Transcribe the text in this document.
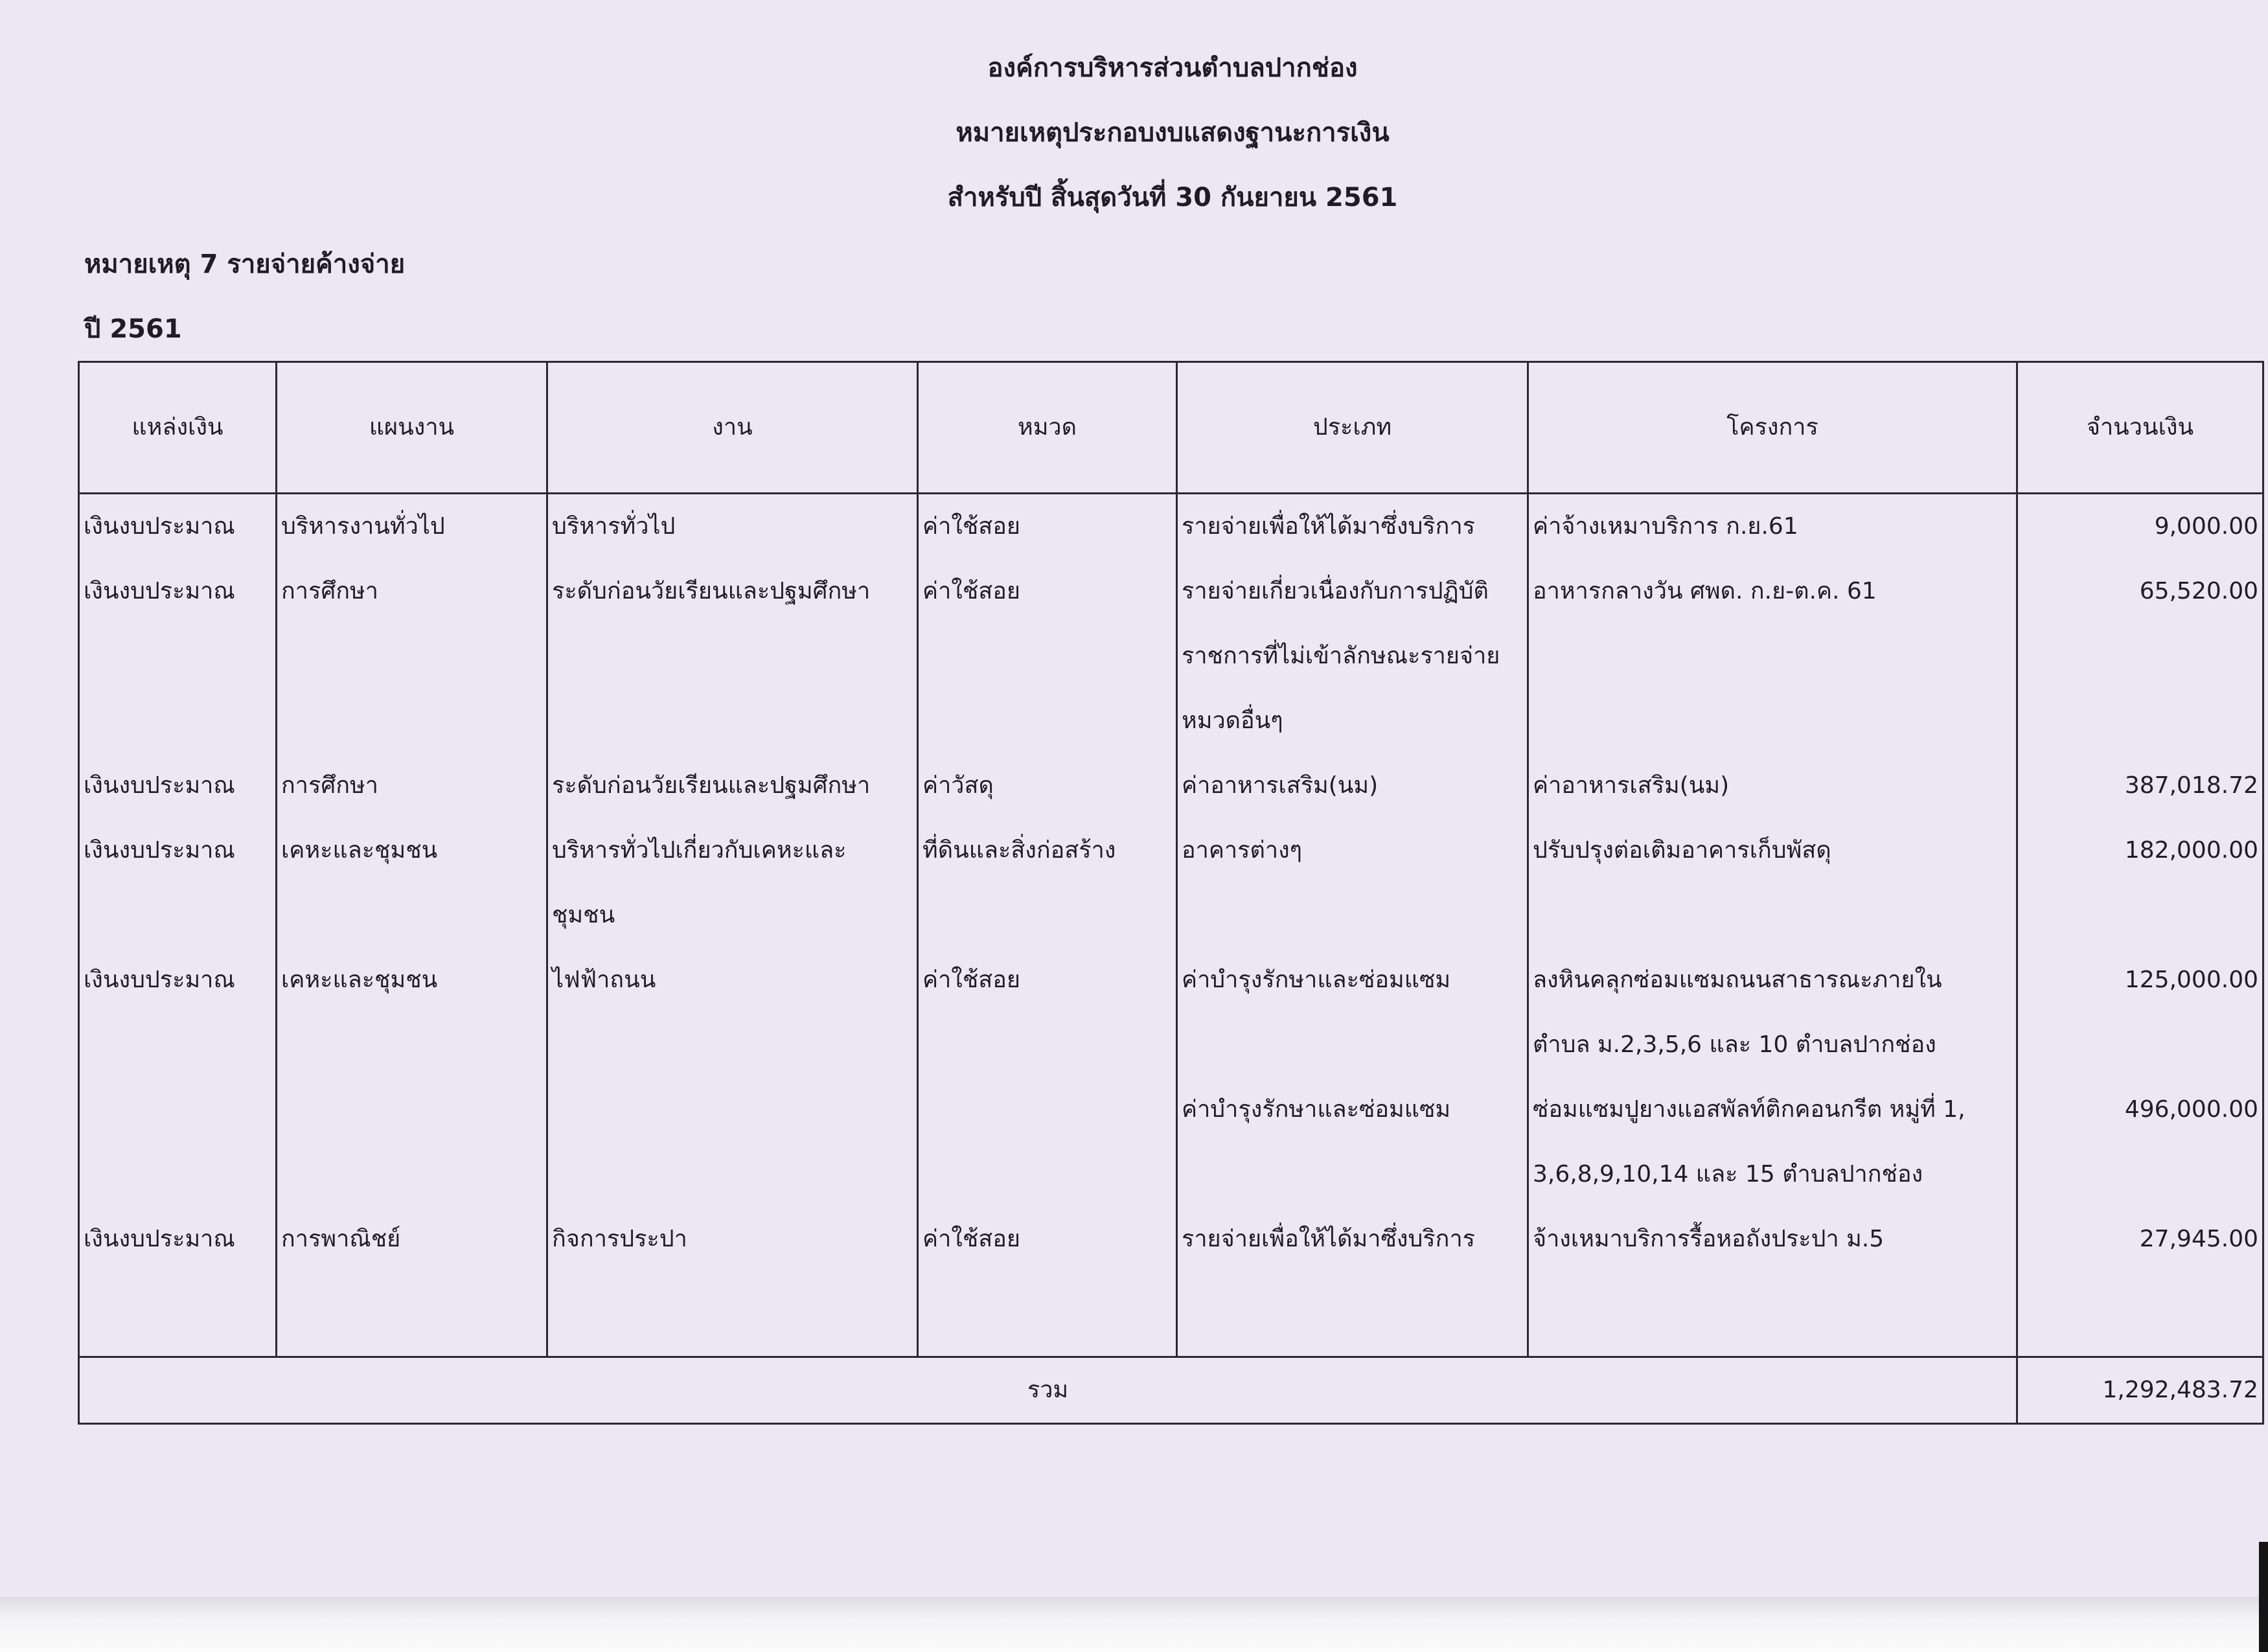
องค์การบริหารส่วนตำบลปากช่อง
หมายเหตุประกอบงบแสดงฐานะการเงิน
สำหรับปี สิ้นสุดวันที่ 30 กันยายน 2561
หมายเหตุ 7 รายจ่ายค้างจ่าย
ปี 2561
แหล่งเงิน	แผนงาน	งาน	หมวด	ประเภท	โครงการ	จำนวนเงิน
เงินงบประมาณ	บริหารงานทั่วไป	บริหารทั่วไป	ค่าใช้สอย	รายจ่ายเพื่อให้ได้มาซึ่งบริการ	ค่าจ้างเหมาบริการ ก.ย.61	9,000.00
เงินงบประมาณ	การศึกษา	ระดับก่อนวัยเรียนและปฐมศึกษา	ค่าใช้สอย	รายจ่ายเกี่ยวเนื่องกับการปฏิบัติ	อาหารกลางวัน ศพด. ก.ย-ต.ค. 61	65,520.00
				ราชการที่ไม่เข้าลักษณะรายจ่าย		
				หมวดอื่นๆ		
เงินงบประมาณ	การศึกษา	ระดับก่อนวัยเรียนและปฐมศึกษา	ค่าวัสดุ	ค่าอาหารเสริม(นม)	ค่าอาหารเสริม(นม)	387,018.72
เงินงบประมาณ	เคหะและชุมชน	บริหารทั่วไปเกี่ยวกับเคหะและ	ที่ดินและสิ่งก่อสร้าง	อาคารต่างๆ	ปรับปรุงต่อเติมอาคารเก็บพัสดุ	182,000.00
		ชุมชน				
เงินงบประมาณ	เคหะและชุมชน	ไฟฟ้าถนน	ค่าใช้สอย	ค่าบำรุงรักษาและซ่อมแซม	ลงหินคลุกซ่อมแซมถนนสาธารณะภายใน	125,000.00
					ตำบล ม.2,3,5,6 และ 10 ตำบลปากช่อง	
				ค่าบำรุงรักษาและซ่อมแซม	ซ่อมแซมปูยางแอสพัลท์ติกคอนกรีต หมู่ที่ 1,	496,000.00
					3,6,8,9,10,14 และ 15 ตำบลปากช่อง	
เงินงบประมาณ	การพาณิชย์	กิจการประปา	ค่าใช้สอย	รายจ่ายเพื่อให้ได้มาซึ่งบริการ	จ้างเหมาบริการรื้อหอถังประปา ม.5	27,945.00

รวม						1,292,483.72
